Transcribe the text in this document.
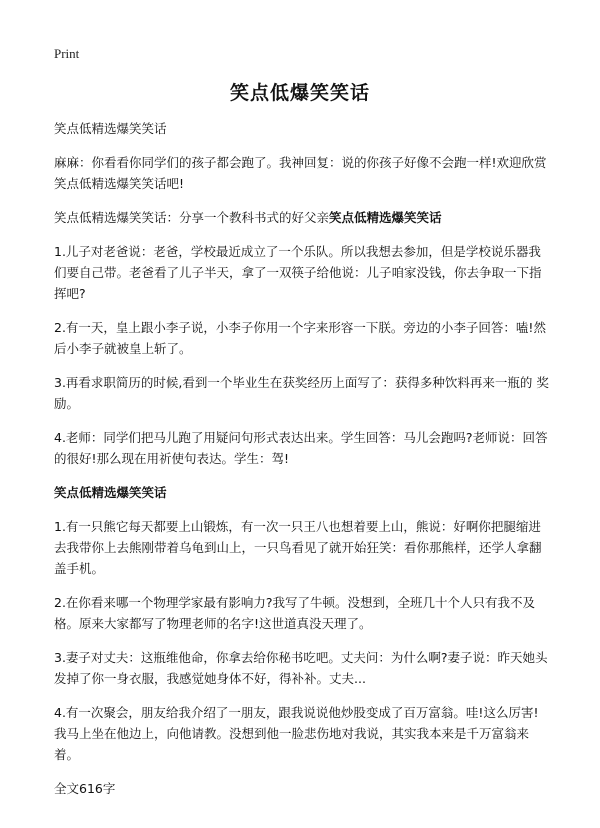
Print
笑点低爆笑笑话

笑点低精选爆笑笑话

麻麻：你看看你同学们的孩子都会跑了。我神回复：说的你孩子好像不会跑一样!欢迎欣赏笑点低精选爆笑笑话吧!

笑点低精选爆笑笑话：分享一个教科书式的好父亲笑点低精选爆笑笑话

1.儿子对老爸说：老爸，学校最近成立了一个乐队。所以我想去参加，但是学校说乐器我们要自己带。老爸看了儿子半天，拿了一双筷子给他说：儿子咱家没钱，你去争取一下指挥吧?

2.有一天，皇上跟小李子说，小李子你用一个字来形容一下朕。旁边的小李子回答：嗑!然后小李子就被皇上斩了。

3.再看求职简历的时候,看到一个毕业生在获奖经历上面写了：获得多种饮料再来一瓶的 奖励。

4.老师：同学们把马儿跑了用疑问句形式表达出来。学生回答：马儿会跑吗?老师说：回答的很好!那么现在用祈使句表达。学生：驾!

笑点低精选爆笑笑话

1.有一只熊它每天都要上山锻炼，有一次一只王八也想着要上山，熊说：好啊你把腿缩进去我带你上去熊刚带着乌龟到山上，一只鸟看见了就开始狂笑：看你那熊样，还学人拿翻盖手机。

2.在你看来哪一个物理学家最有影响力?我写了牛顿。没想到，全班几十个人只有我不及格。原来大家都写了物理老师的名字!这世道真没天理了。

3.妻子对丈夫：这瓶维他命，你拿去给你秘书吃吧。丈夫问：为什么啊?妻子说：昨天她头发掉了你一身衣服，我感觉她身体不好，得补补。丈夫...

4.有一次聚会，朋友给我介绍了一朋友，跟我说说他炒股变成了百万富翁。哇!这么厉害!我马上坐在他边上，向他请教。没想到他一脸悲伤地对我说，其实我本来是千万富翁来着。

全文616字
